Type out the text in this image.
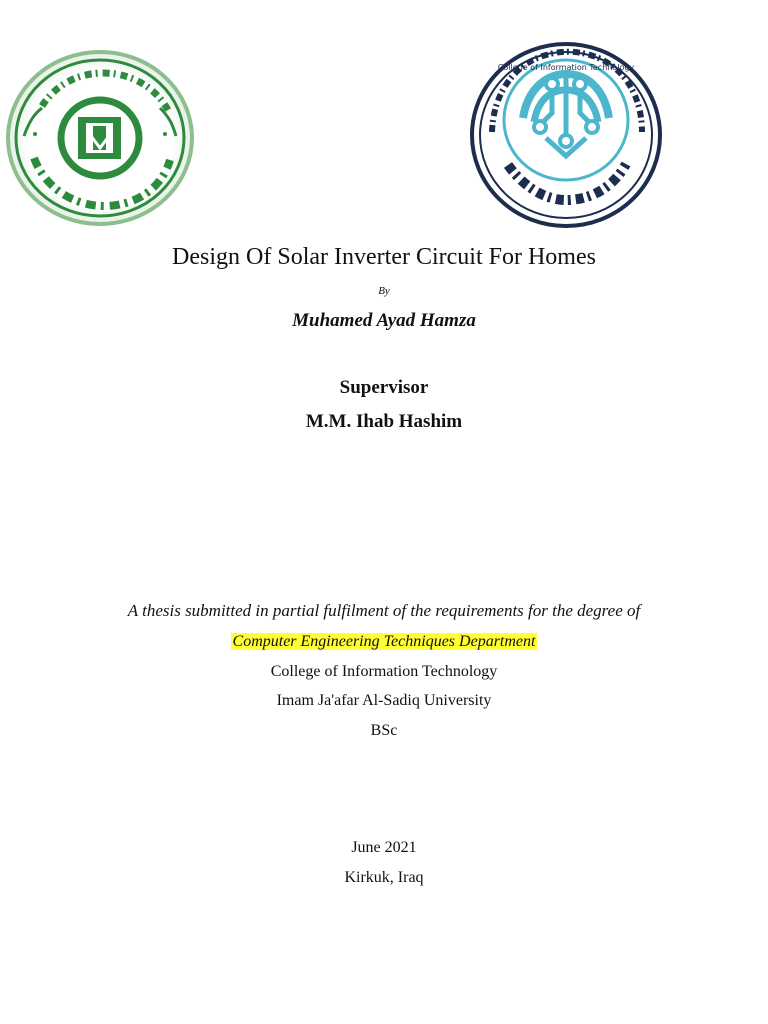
College of Information Technology
Design Of Solar Inverter Circuit For Homes
By
Muhamed Ayad Hamza
Supervisor
M.M. Ihab Hashim
A thesis submitted in partial fulfilment of the requirements for the degree of
Computer Engineering Techniques Department
College of Information Technology
Imam Ja'afar Al-Sadiq University
BSc
June 2021
Kirkuk, Iraq
